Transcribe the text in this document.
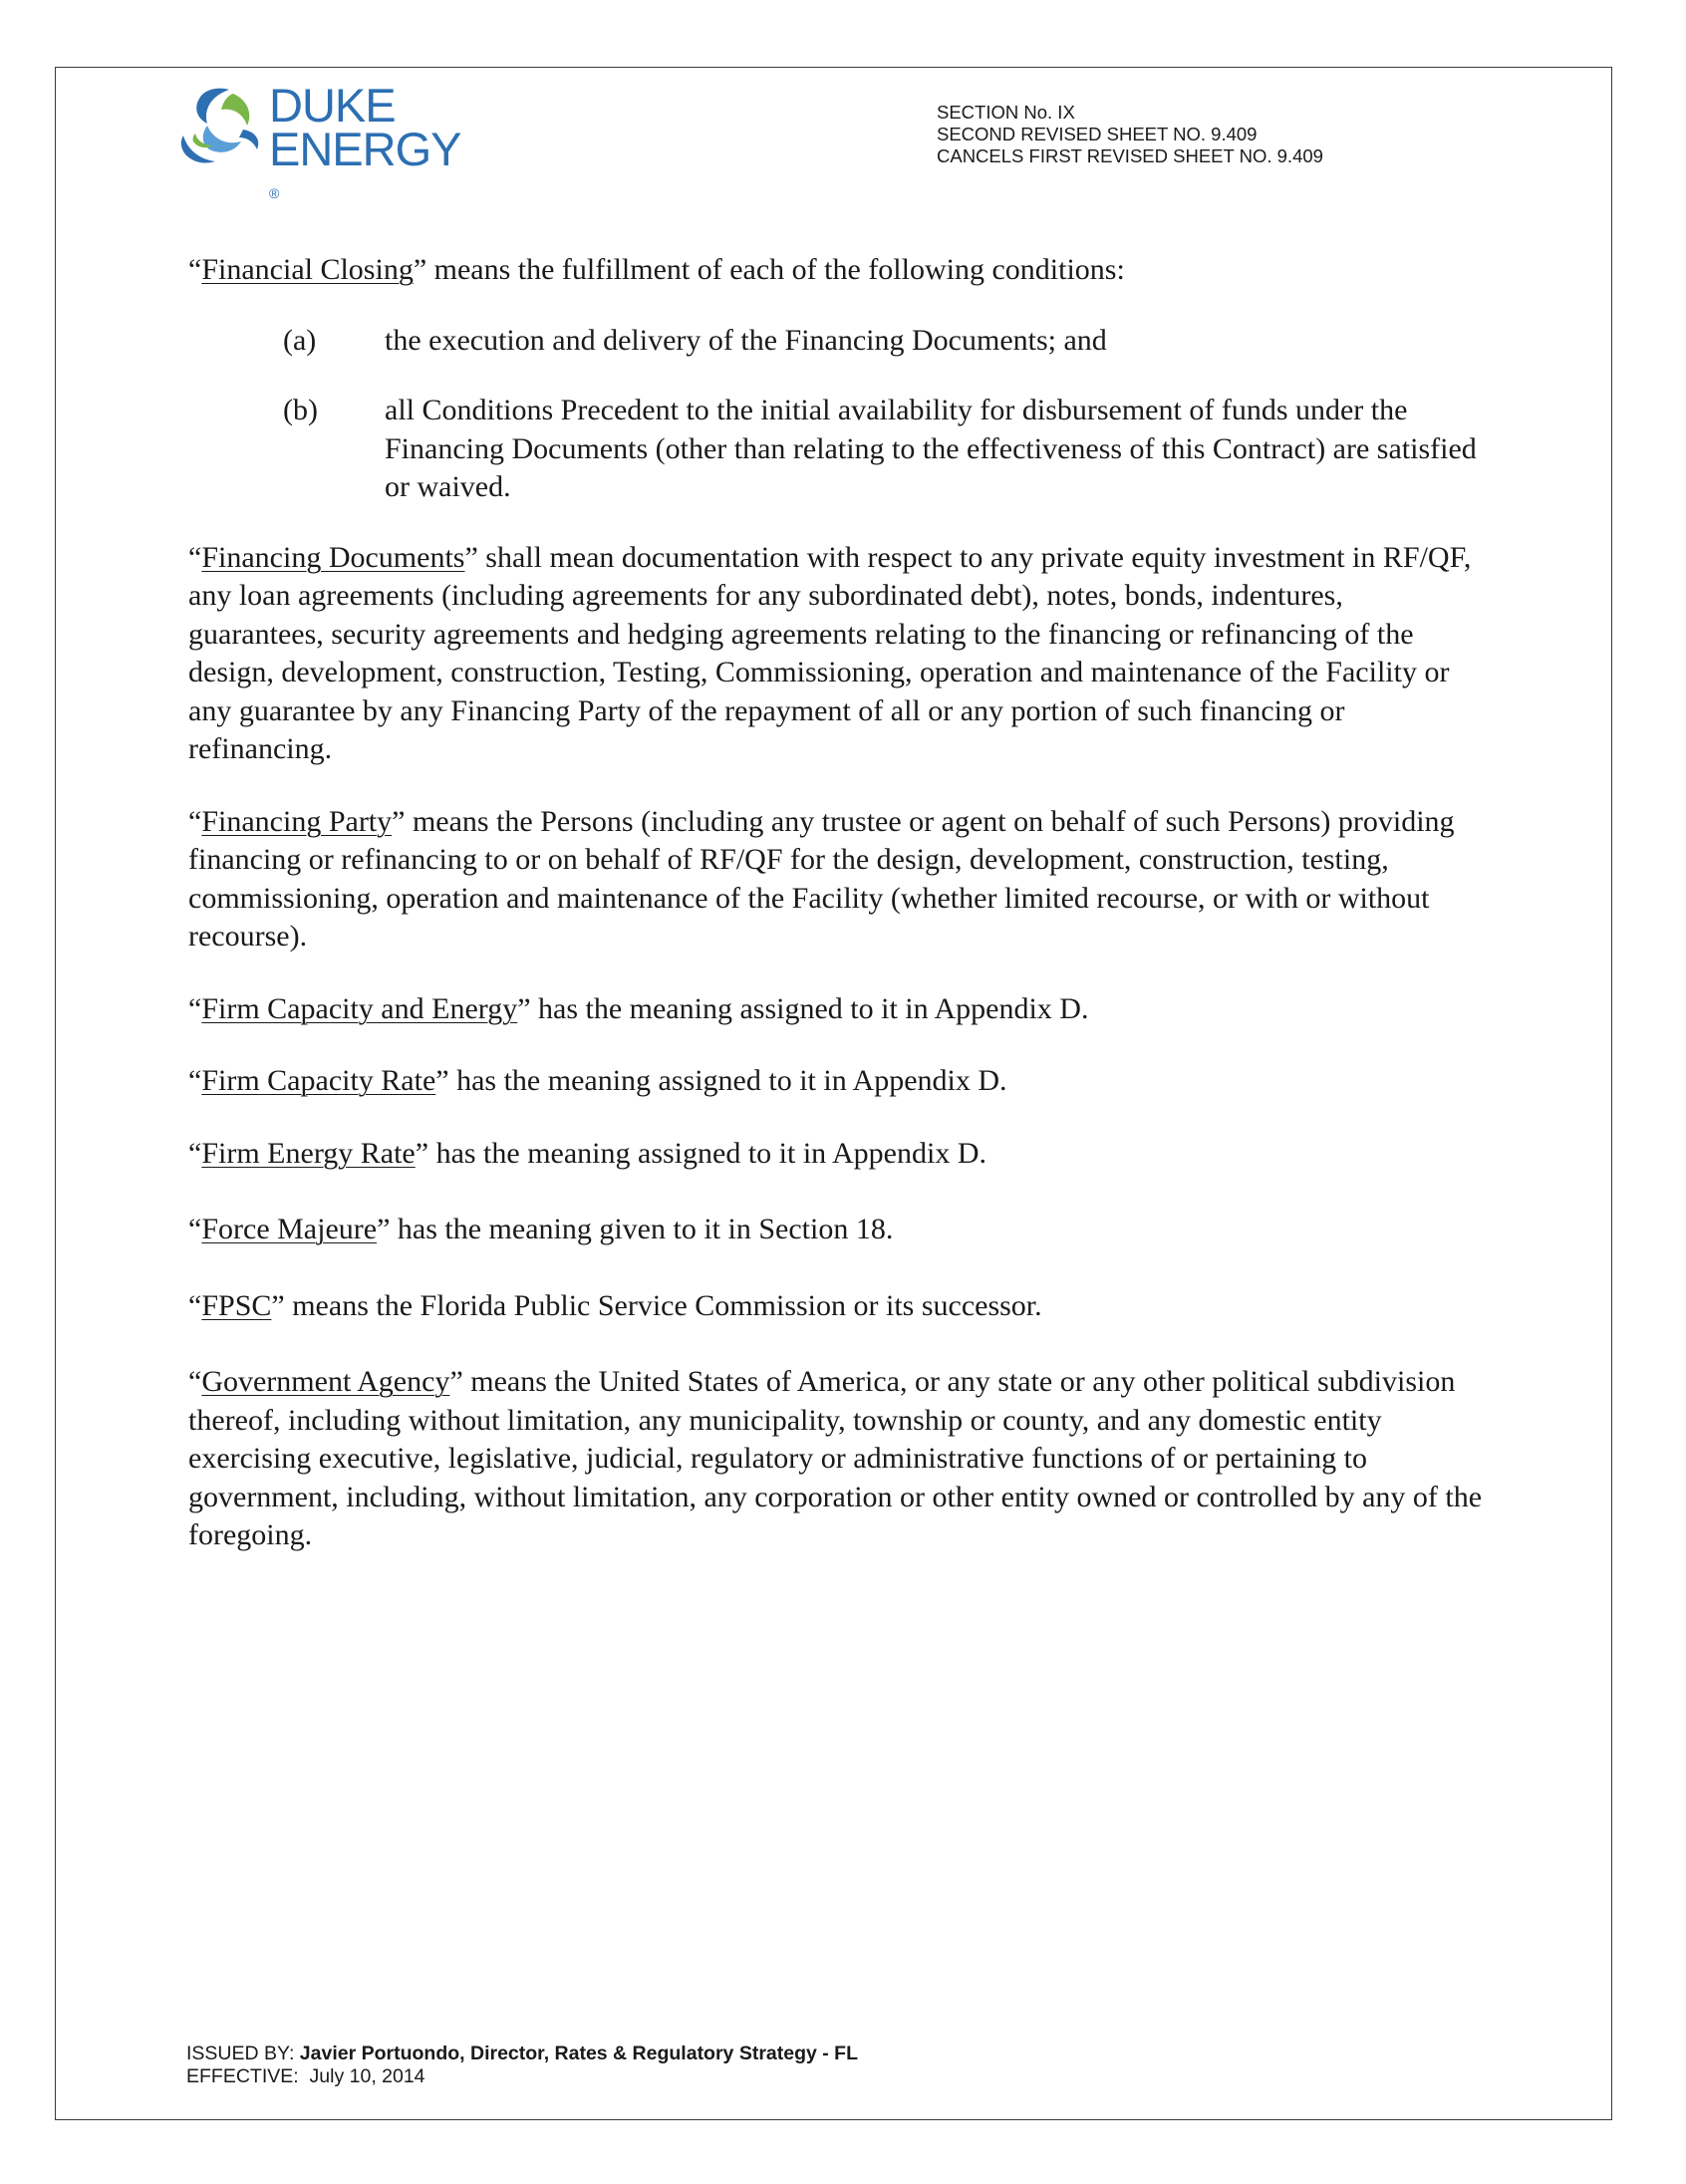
DUKE
ENERGY
®
SECTION No. IX
SECOND REVISED SHEET NO. 9.409
CANCELS FIRST REVISED SHEET NO. 9.409

“Financial Closing” means the fulfillment of each of the following conditions:

(a) the execution and delivery of the Financing Documents; and

(b) all Conditions Precedent to the initial availability for disbursement of funds under the Financing Documents (other than relating to the effectiveness of this Contract) are satisfied or waived.

“Financing Documents” shall mean documentation with respect to any private equity investment in RF/QF, any loan agreements (including agreements for any subordinated debt), notes, bonds, indentures, guarantees, security agreements and hedging agreements relating to the financing or refinancing of the design, development, construction, Testing, Commissioning, operation and maintenance of the Facility or any guarantee by any Financing Party of the repayment of all or any portion of such financing or refinancing.

“Financing Party” means the Persons (including any trustee or agent on behalf of such Persons) providing financing or refinancing to or on behalf of RF/QF for the design, development, construction, testing, commissioning, operation and maintenance of the Facility (whether limited recourse, or with or without recourse).

“Firm Capacity and Energy” has the meaning assigned to it in Appendix D.

“Firm Capacity Rate” has the meaning assigned to it in Appendix D.

“Firm Energy Rate” has the meaning assigned to it in Appendix D.

“Force Majeure” has the meaning given to it in Section 18.

“FPSC” means the Florida Public Service Commission or its successor.

“Government Agency” means the United States of America, or any state or any other political subdivision thereof, including without limitation, any municipality, township or county, and any domestic entity exercising executive, legislative, judicial, regulatory or administrative functions of or pertaining to government, including, without limitation, any corporation or other entity owned or controlled by any of the foregoing.

ISSUED BY: Javier Portuondo, Director, Rates & Regulatory Strategy - FL
EFFECTIVE: July 10, 2014
